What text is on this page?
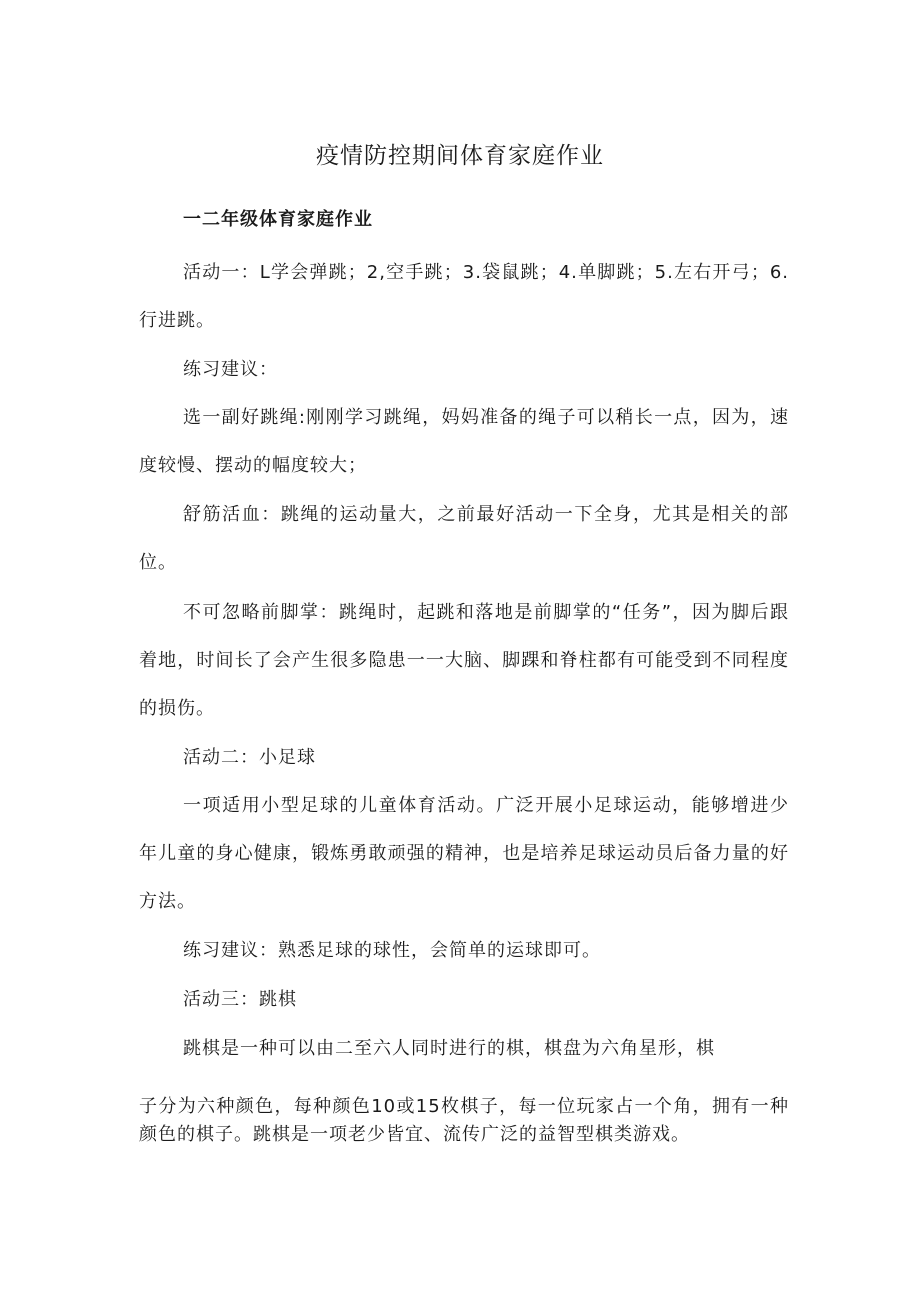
疫情防控期间体育家庭作业
一二年级体育家庭作业
活动一：L学会弹跳；2,空手跳；3.袋鼠跳；4.单脚跳；5.左右开弓；6.行进跳。
练习建议：
选一副好跳绳:刚刚学习跳绳，妈妈准备的绳子可以稍长一点，因为，速度较慢、摆动的幅度较大；
舒筋活血：跳绳的运动量大，之前最好活动一下全身，尤其是相关的部位。
不可忽略前脚掌：跳绳时，起跳和落地是前脚掌的“任务”，因为脚后跟着地，时间长了会产生很多隐患一一大脑、脚踝和脊柱都有可能受到不同程度的损伤。
活动二：小足球
一项适用小型足球的儿童体育活动。广泛开展小足球运动，能够增进少年儿童的身心健康，锻炼勇敢顽强的精神，也是培养足球运动员后备力量的好方法。
练习建议：熟悉足球的球性，会简单的运球即可。
活动三：跳棋
跳棋是一种可以由二至六人同时进行的棋，棋盘为六角星形，棋
子分为六种颜色，每种颜色10或15枚棋子，每一位玩家占一个角，拥有一种颜色的棋子。跳棋是一项老少皆宜、流传广泛的益智型棋类游戏。
